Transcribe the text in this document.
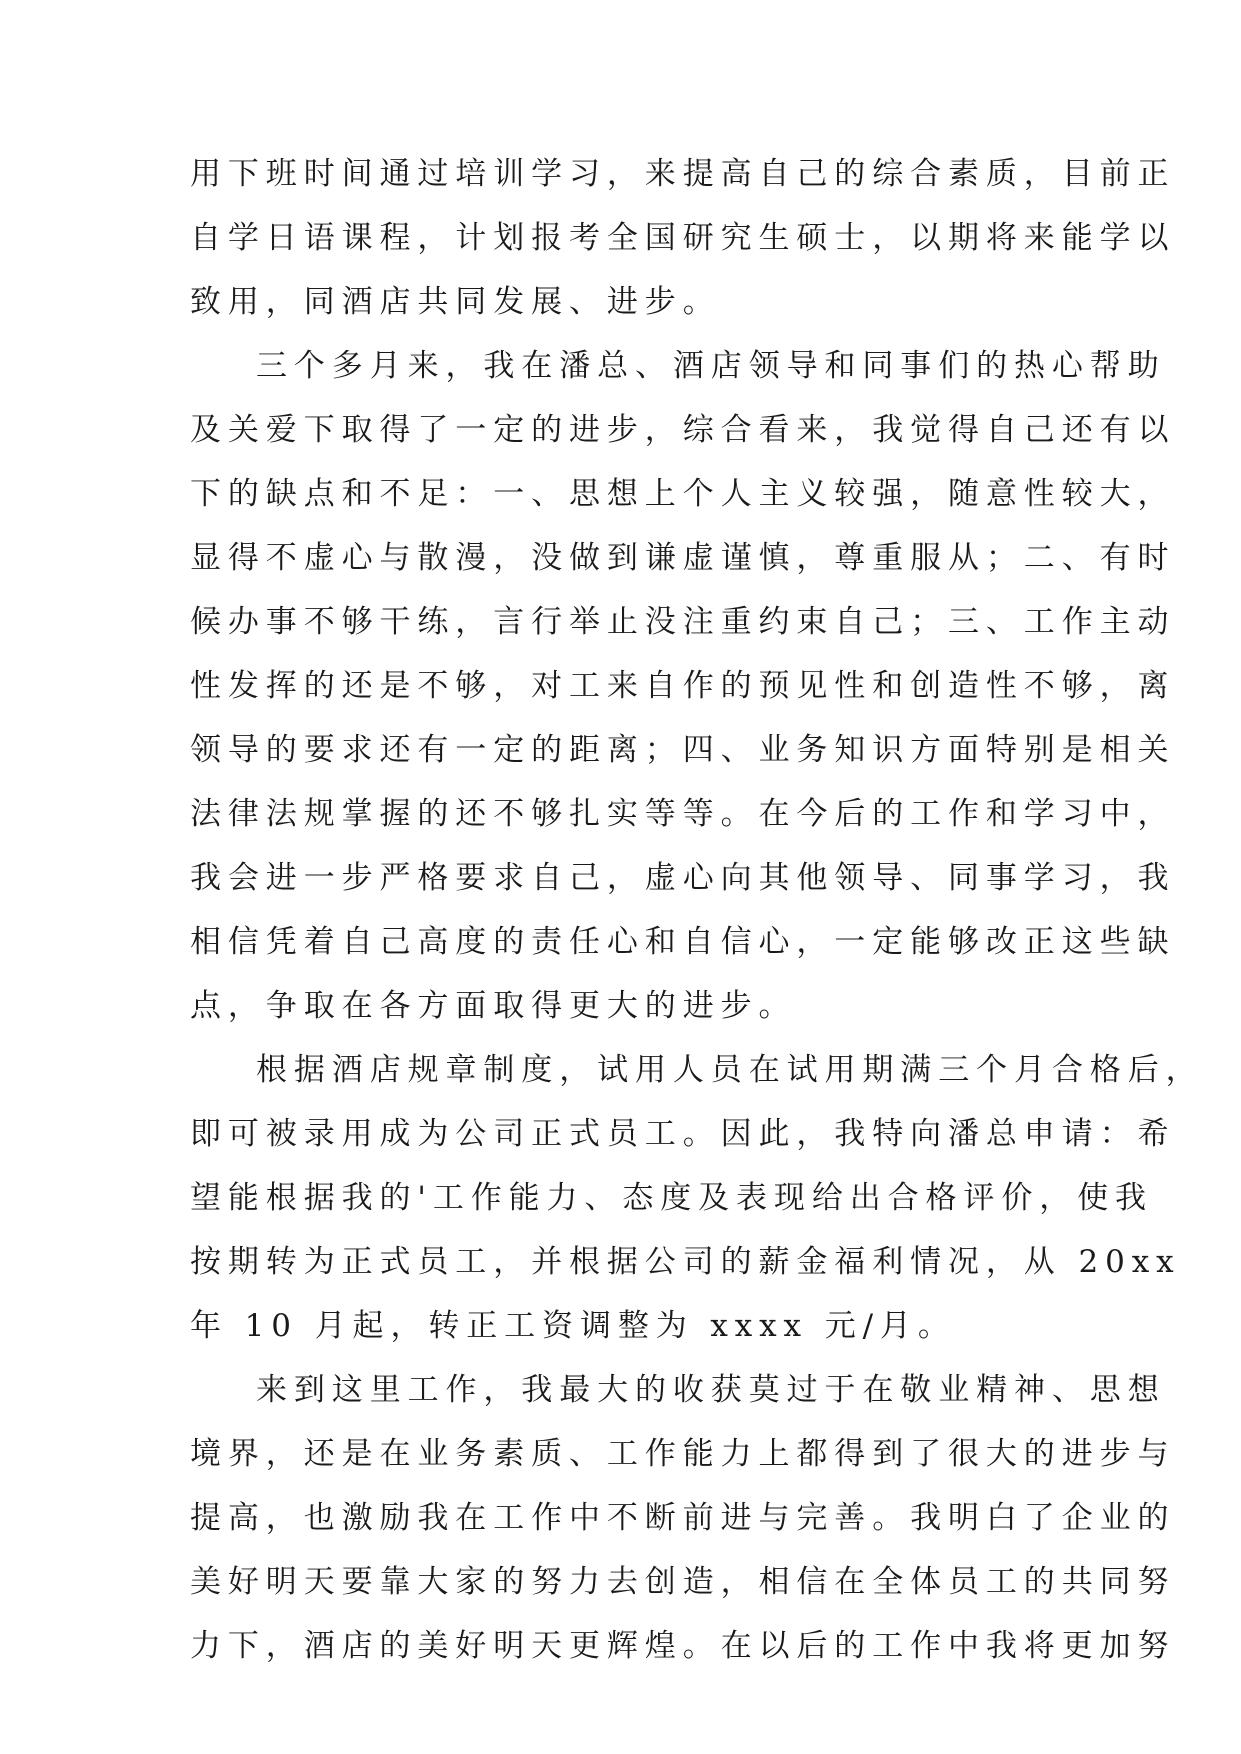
用下班时间通过培训学习，来提高自己的综合素质，目前正
自学日语课程，计划报考全国研究生硕士，以期将来能学以
致用，同酒店共同发展、进步。
三个多月来，我在潘总、酒店领导和同事们的热心帮助
及关爱下取得了一定的进步，综合看来，我觉得自己还有以
下的缺点和不足：一、思想上个人主义较强，随意性较大，
显得不虚心与散漫，没做到谦虚谨慎，尊重服从；二、有时
候办事不够干练，言行举止没注重约束自己；三、工作主动
性发挥的还是不够，对工来自作的预见性和创造性不够，离
领导的要求还有一定的距离；四、业务知识方面特别是相关
法律法规掌握的还不够扎实等等。在今后的工作和学习中，
我会进一步严格要求自己，虚心向其他领导、同事学习，我
相信凭着自己高度的责任心和自信心，一定能够改正这些缺
点，争取在各方面取得更大的进步。
根据酒店规章制度，试用人员在试用期满三个月合格后，
即可被录用成为公司正式员工。因此，我特向潘总申请：希
望能根据我的'工作能力、态度及表现给出合格评价，使我
按期转为正式员工，并根据公司的薪金福利情况，从 20xx
年 10 月起，转正工资调整为 xxxx 元/月。
来到这里工作，我最大的收获莫过于在敬业精神、思想
境界，还是在业务素质、工作能力上都得到了很大的进步与
提高，也激励我在工作中不断前进与完善。我明白了企业的
美好明天要靠大家的努力去创造，相信在全体员工的共同努
力下，酒店的美好明天更辉煌。在以后的工作中我将更加努
